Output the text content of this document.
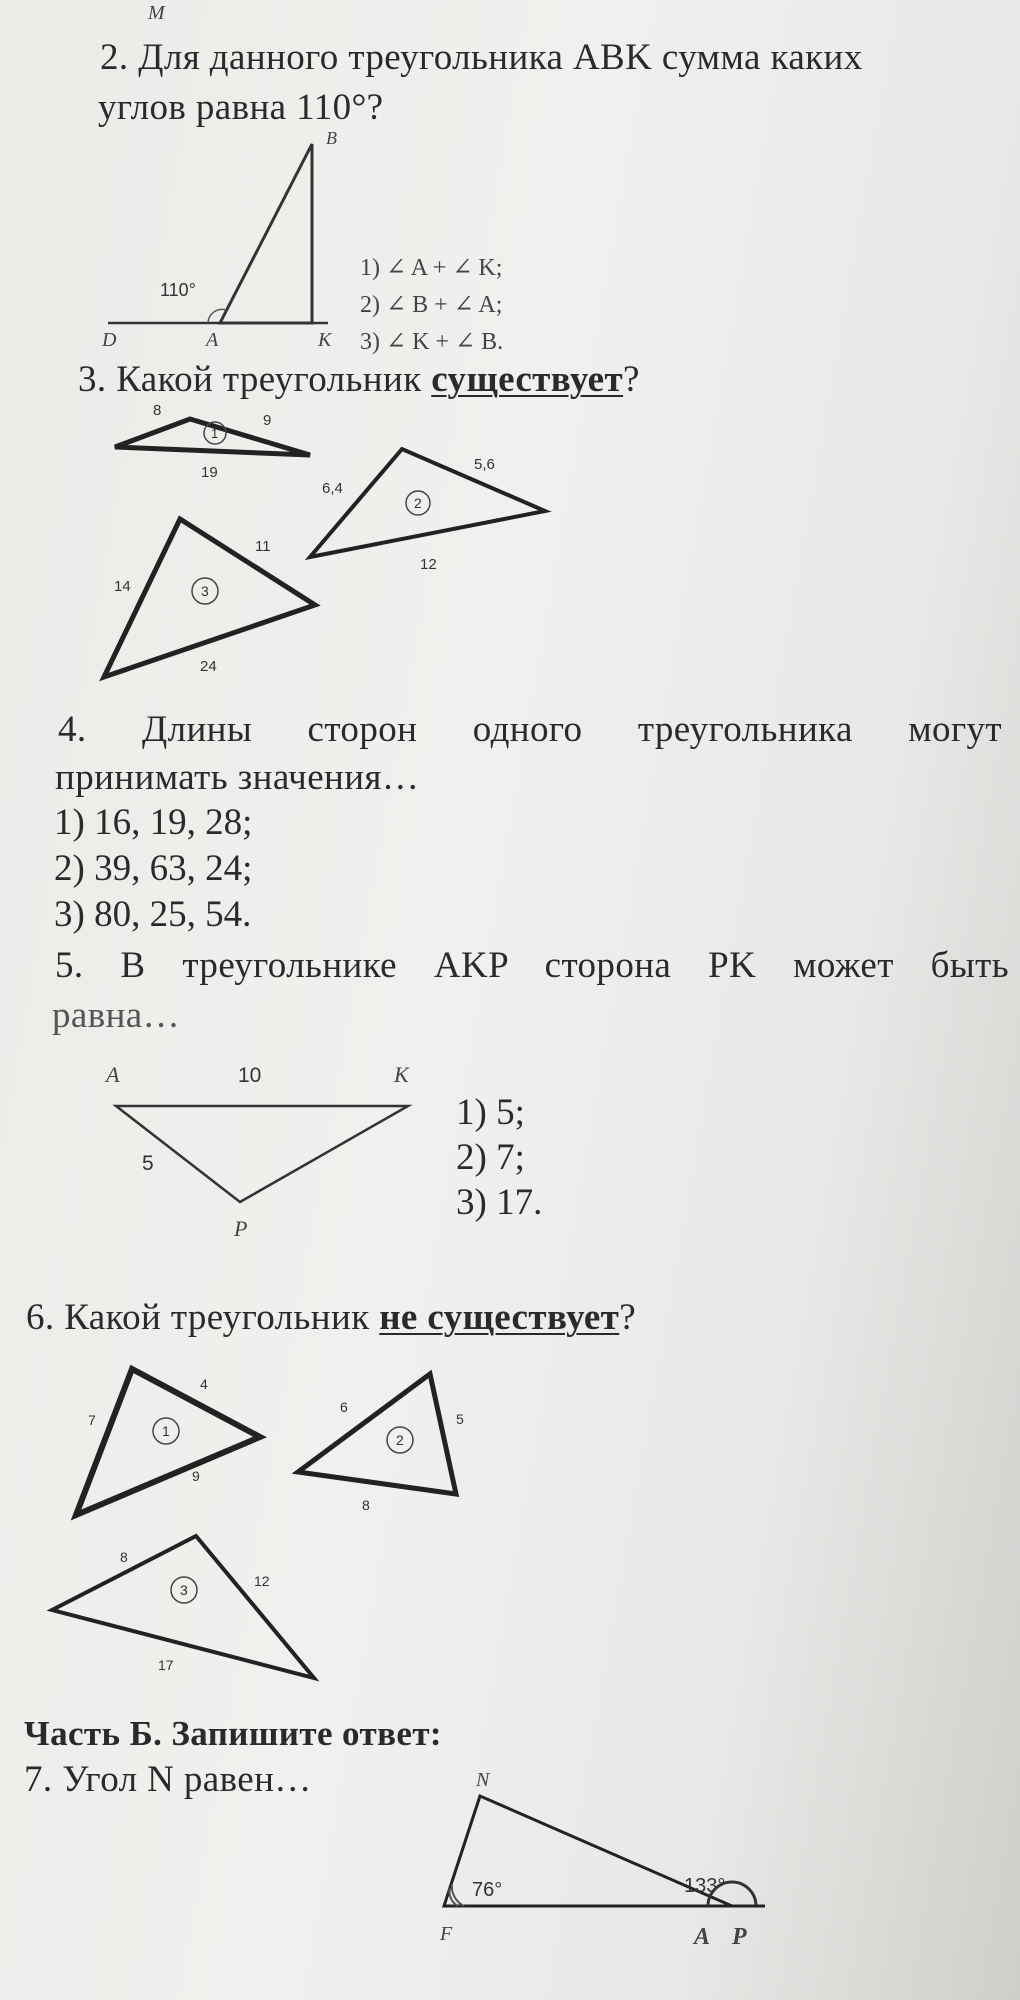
M
2. Для данного треугольника ABK сумма каких
углов равна 110°?
B
D	A	K
110°
1) ∠ A + ∠ K;
2) ∠ B + ∠ A;
3) ∠ K + ∠ B.
3. Какой треугольник существует?
1
8
9
19
2
6,4
5,6
12
3
14
11
24
4. Длины сторон одного треугольника могут
принимать значения…
1) 16, 19, 28;
2) 39, 63, 24;
3) 80, 25, 54.
5. В треугольнике AKP сторона PK может быть
равна…
A	K
P
10
5
1) 5;
2) 7;
3) 17.
6. Какой треугольник не существует?
1
7
4
9
2
6
5
8
3
8
12
17
Часть Б. Запишите ответ:
7. Угол N равен…	N
F	A P
76°	133°
